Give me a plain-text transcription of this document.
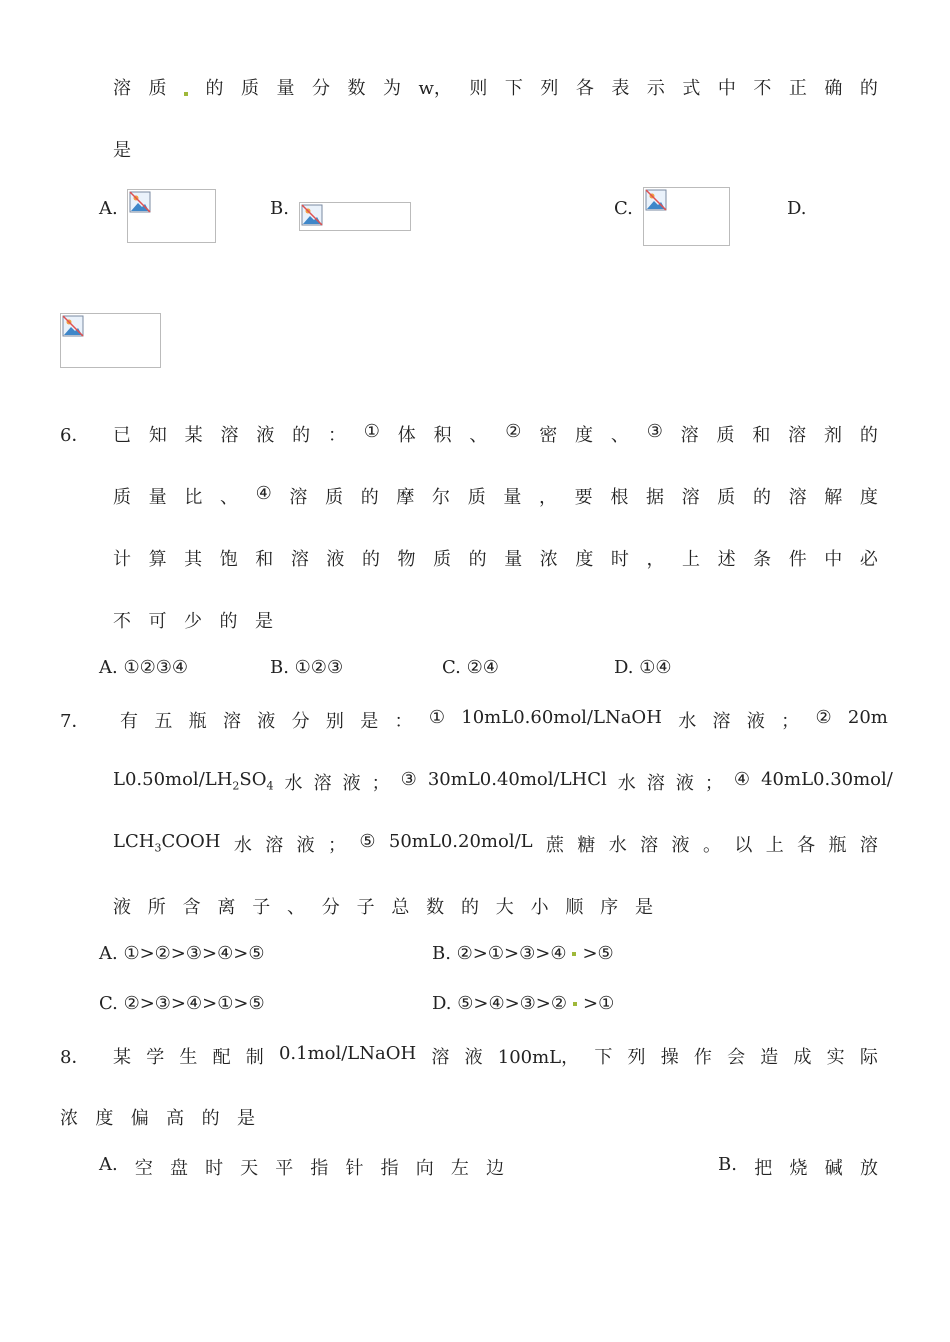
溶 质 的 质 量 分 数 为 w， 则 下 列 各 表 示 式 中 不 正 确 的
是
A.	B.	C.	D.
6． 已 知 某 溶 液 的 ： ① 体 积 、 ② 密 度 、 ③ 溶 质 和 溶 剂 的
质 量 比 、 ④ 溶 质 的 摩 尔 质 量 ， 要 根 据 溶 质 的 溶 解 度
计 算 其 饱 和 溶 液 的 物 质 的 量 浓 度 时 ， 上 述 条 件 中 必
不 可 少 的 是
A. ①②③④	B. ①②③	C. ②④	D. ①④
7． 有 五 瓶 溶 液 分 别 是 ： ① 10mL0.60mol/LNaOH 水 溶 液 ； ② 20m
$L0.50mol/LH_2SO_4$ 水 溶 液 ； ③ 30mL0.40mol/LHCl 水 溶 液 ； ④ 40mL0.30mol/
$LCH_3COOH$ 水 溶 液 ； ⑤ 50mL0.20mol/L 蔗 糖 水 溶 液 。 以 上 各 瓶 溶
液 所 含 离 子 、 分 子 总 数 的 大 小 顺 序 是
A. ①>②>③>④>⑤	B. ②>①>③>④ >⑤
C. ②>③>④>①>⑤	D. ⑤>④>③>② >①
8． 某 学 生 配 制 0.1mol/LNaOH 溶 液 100mL， 下 列 操 作 会 造 成 实 际
浓 度 偏 高 的 是
A. 空 盘 时 天 平 指 针 指 向 左 边	B. 把 烧 碱 放
